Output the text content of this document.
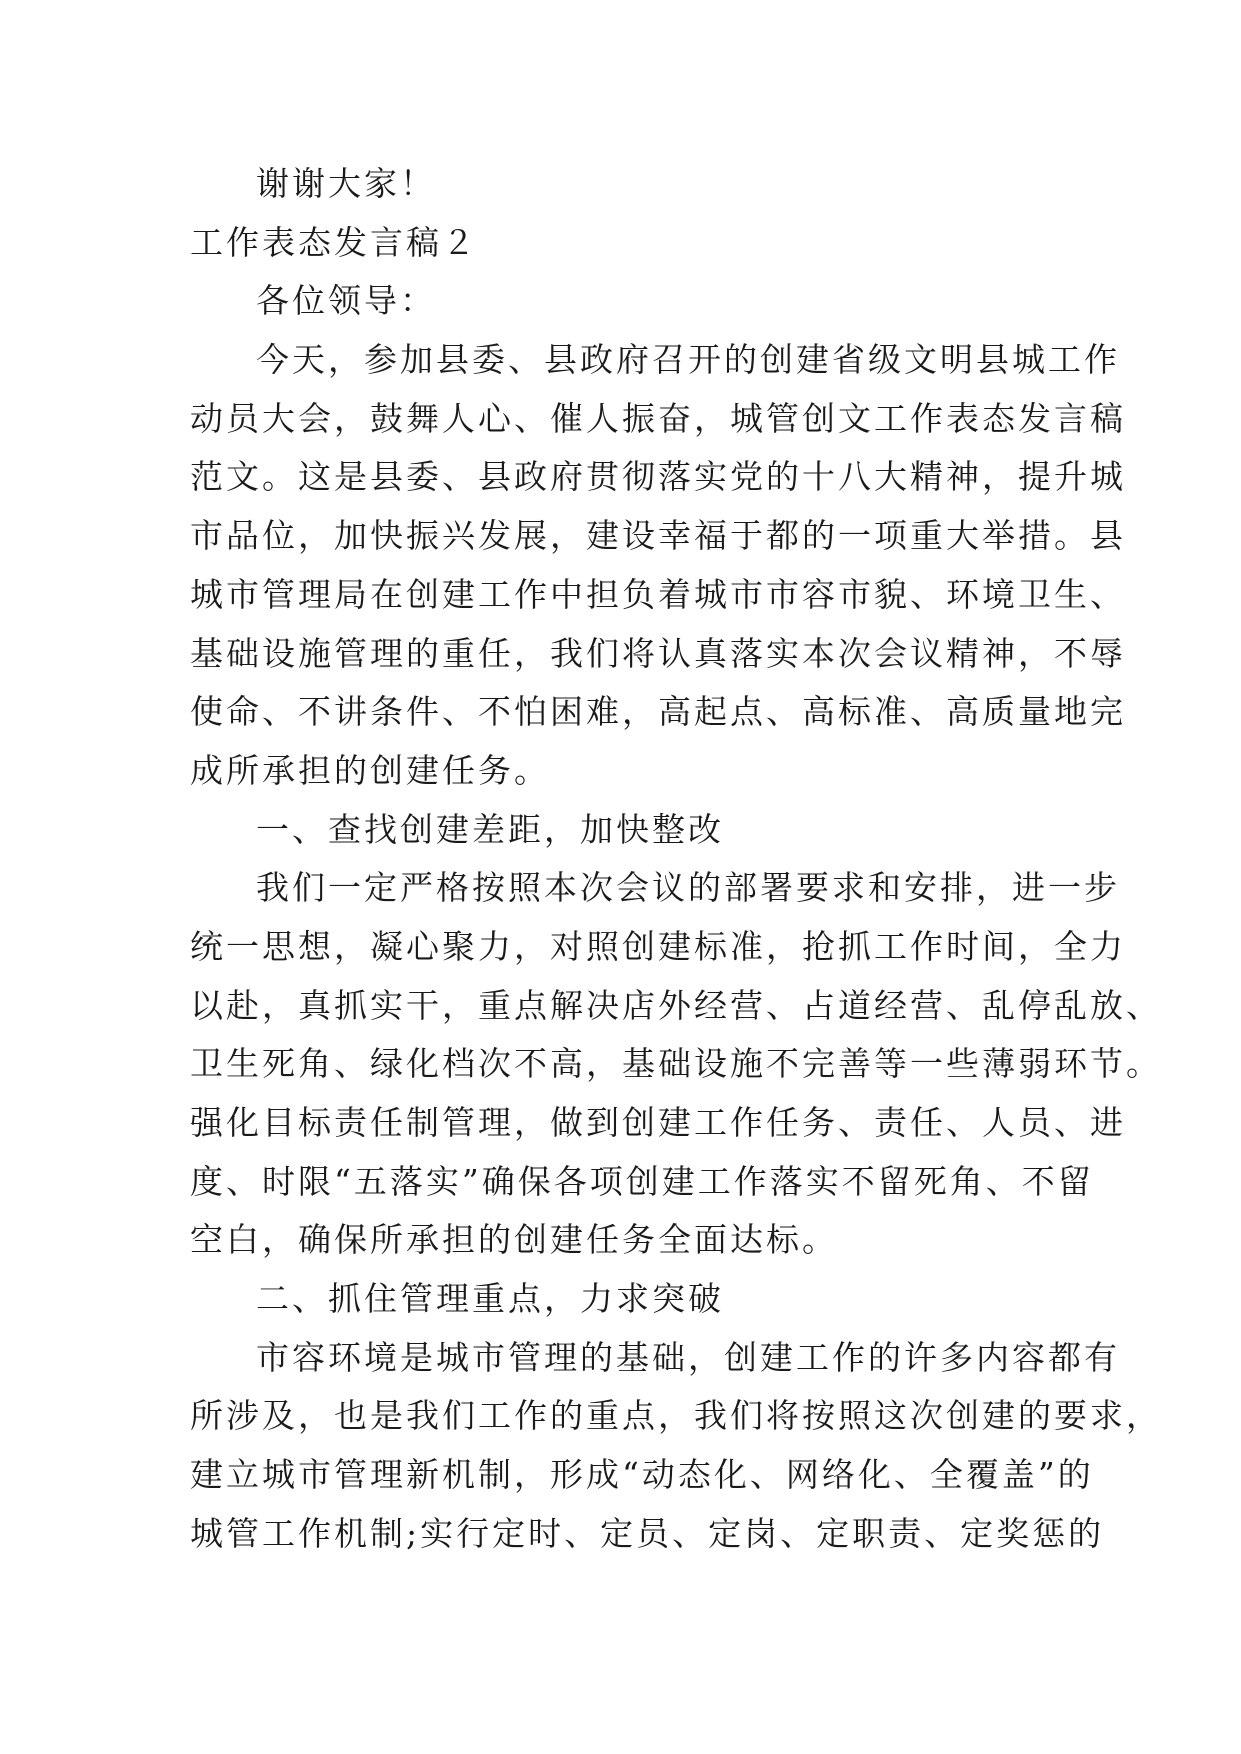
谢谢大家！
工作表态发言稿２
各位领导：
今天，参加县委、县政府召开的创建省级文明县城工作
动员大会，鼓舞人心、催人振奋，城管创文工作表态发言稿
范文。这是县委、县政府贯彻落实党的十八大精神，提升城
市品位，加快振兴发展，建设幸福于都的一项重大举措。县
城市管理局在创建工作中担负着城市市容市貌、环境卫生、
基础设施管理的重任，我们将认真落实本次会议精神，不辱
使命、不讲条件、不怕困难，高起点、高标准、高质量地完
成所承担的创建任务。
一、查找创建差距，加快整改
我们一定严格按照本次会议的部署要求和安排，进一步
统一思想，凝心聚力，对照创建标准，抢抓工作时间，全力
以赴，真抓实干，重点解决店外经营、占道经营、乱停乱放、
卫生死角、绿化档次不高，基础设施不完善等一些薄弱环节。
强化目标责任制管理，做到创建工作任务、责任、人员、进
度、时限“五落实”确保各项创建工作落实不留死角、不留
空白，确保所承担的创建任务全面达标。
二、抓住管理重点，力求突破
市容环境是城市管理的基础，创建工作的许多内容都有
所涉及，也是我们工作的重点，我们将按照这次创建的要求，
建立城市管理新机制，形成“动态化、网络化、全覆盖”的
城管工作机制;实行定时、定员、定岗、定职责、定奖惩的
